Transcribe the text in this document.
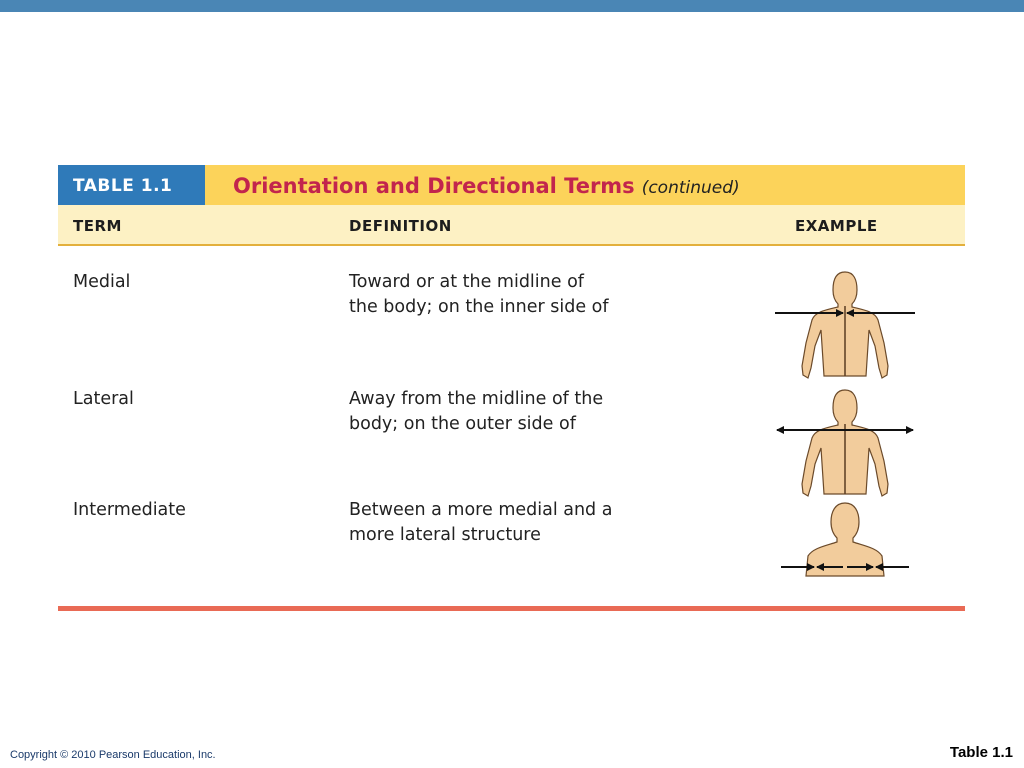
TABLE 1.1	Orientation and Directional Terms (continued)
TERM	DEFINITION	EXAMPLE
Medial	Toward or at the midline of the body; on the inner side of
Lateral	Away from the midline of the body; on the outer side of
Intermediate	Between a more medial and a more lateral structure
Copyright © 2010 Pearson Education, Inc.	Table 1.1
